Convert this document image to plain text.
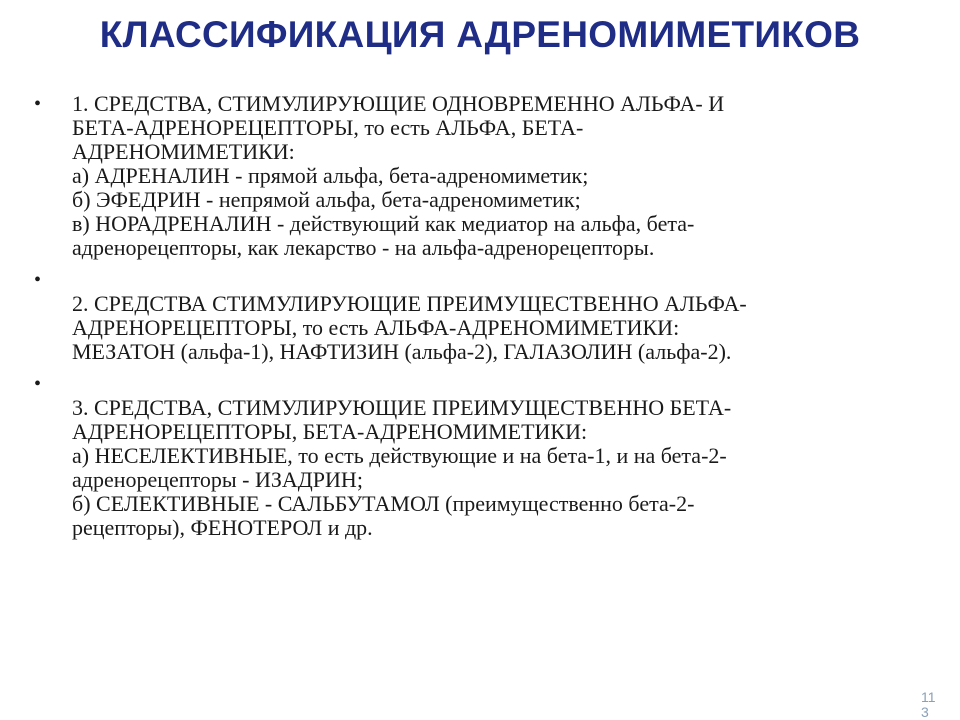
КЛАССИФИКАЦИЯ АДРЕНОМИМЕТИКОВ
• 1. СРЕДСТВА, СТИМУЛИРУЮЩИЕ ОДНОВРЕМЕННО АЛЬФА- И
БЕТА-АДРЕНОРЕЦЕПТОРЫ, то есть АЛЬФА, БЕТА-
АДРЕНОМИМЕТИКИ:
а) АДРЕНАЛИН - прямой альфа, бета-адреномиметик;
б) ЭФЕДРИН - непрямой альфа, бета-адреномиметик;
в) НОРАДРЕНАЛИН - действующий как медиатор на альфа, бета-
адренорецепторы, как лекарство - на альфа-адренорецепторы.
•

2. СРЕДСТВА СТИМУЛИРУЮЩИЕ ПРЕИМУЩЕСТВЕННО АЛЬФА-
АДРЕНОРЕЦЕПТОРЫ, то есть АЛЬФА-АДРЕНОМИМЕТИКИ:
МЕЗАТОН (альфа-1), НАФТИЗИН (альфа-2), ГАЛАЗОЛИН (альфа-2).
•

3. СРЕДСТВА, СТИМУЛИРУЮЩИЕ ПРЕИМУЩЕСТВЕННО БЕТА-
АДРЕНОРЕЦЕПТОРЫ, БЕТА-АДРЕНОМИМЕТИКИ:
а) НЕСЕЛЕКТИВНЫЕ, то есть действующие и на бета-1, и на бета-2-
адренорецепторы - ИЗАДРИН;
б) СЕЛЕКТИВНЫЕ - САЛЬБУТАМОЛ (преимущественно бета-2-
рецепторы), ФЕНОТЕРОЛ и др.
113
